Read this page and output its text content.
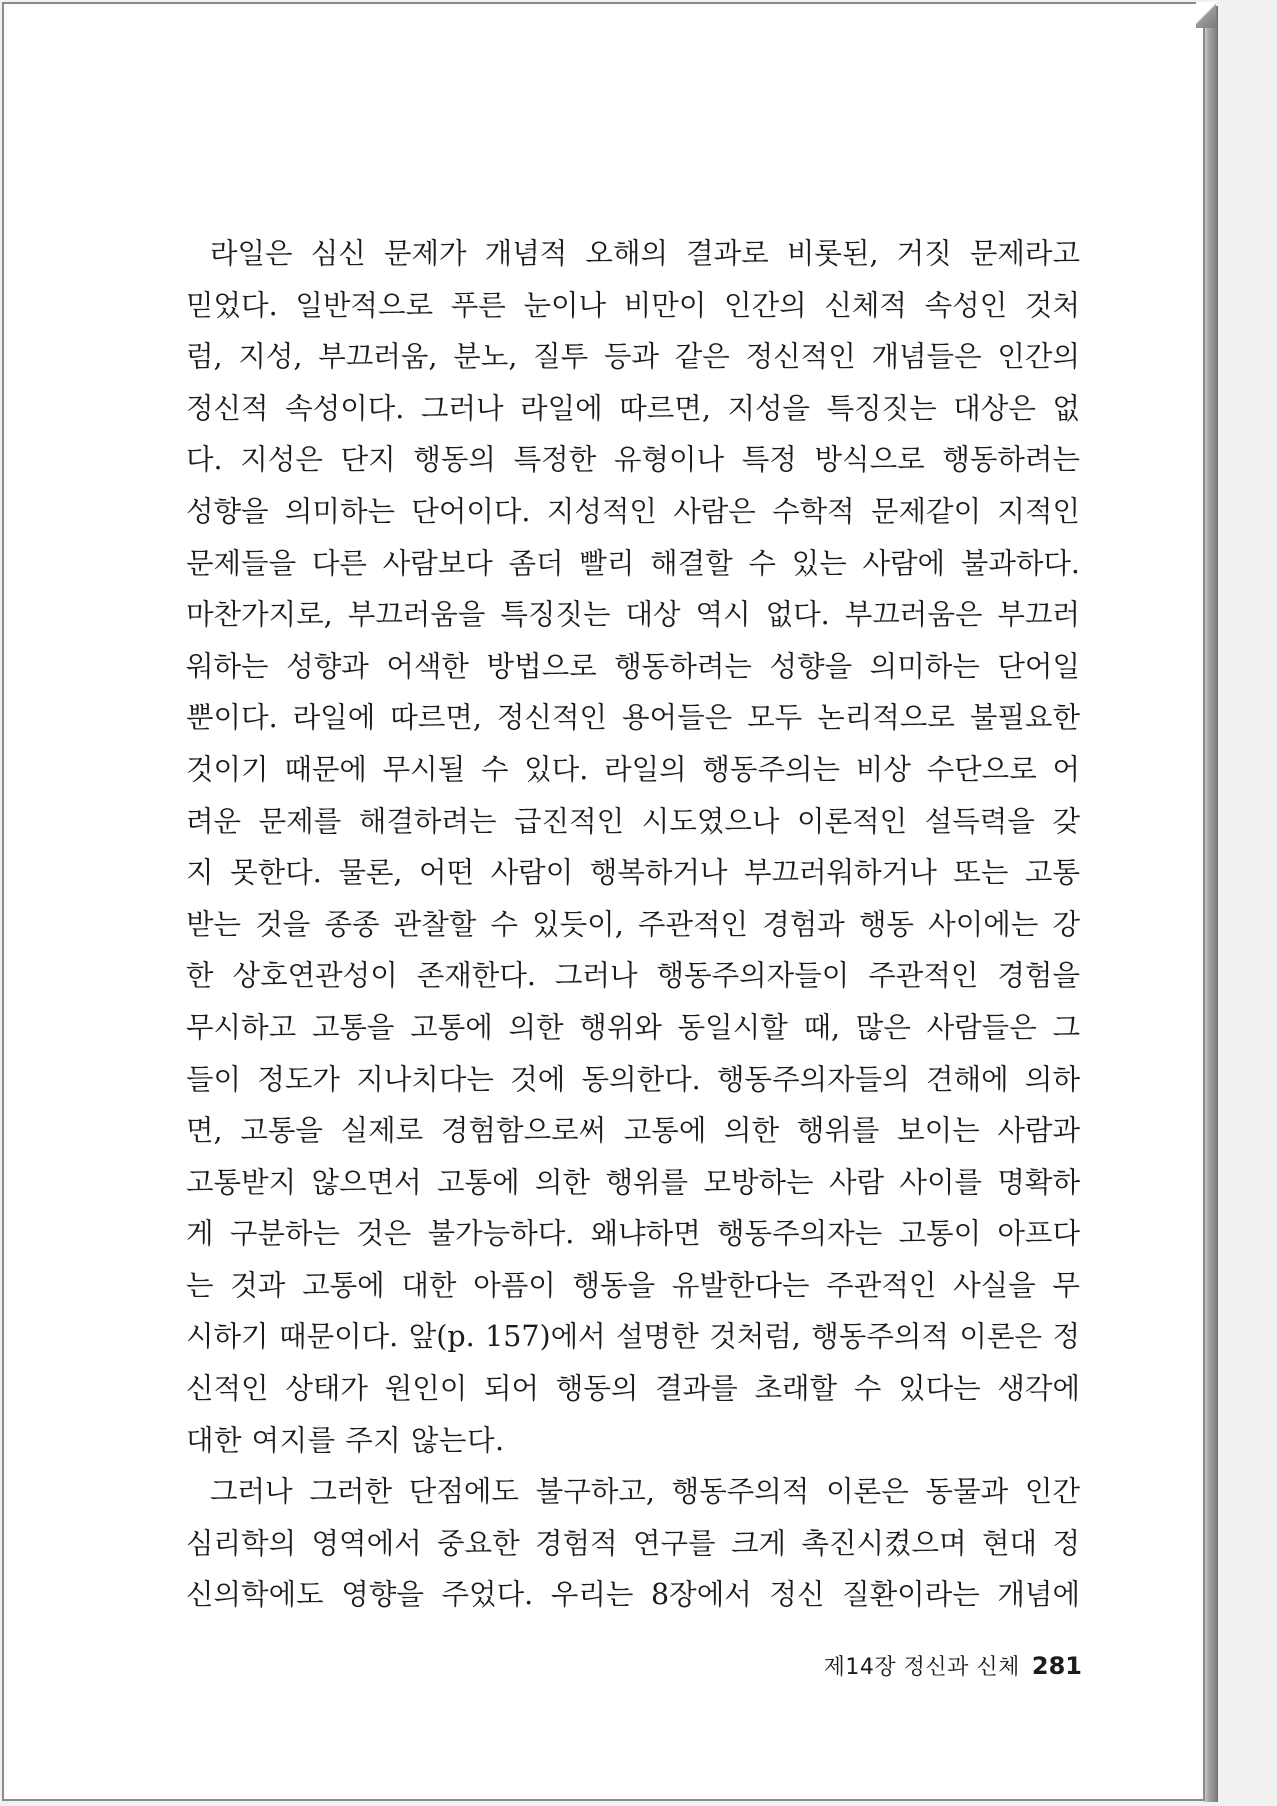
라일은 심신 문제가 개념적 오해의 결과로 비롯된, 거짓 문제라고
믿었다. 일반적으로 푸른 눈이나 비만이 인간의 신체적 속성인 것처
럼, 지성, 부끄러움, 분노, 질투 등과 같은 정신적인 개념들은 인간의
정신적 속성이다. 그러나 라일에 따르면, 지성을 특징짓는 대상은 없
다. 지성은 단지 행동의 특정한 유형이나 특정 방식으로 행동하려는
성향을 의미하는 단어이다. 지성적인 사람은 수학적 문제같이 지적인
문제들을 다른 사람보다 좀더 빨리 해결할 수 있는 사람에 불과하다.
마찬가지로, 부끄러움을 특징짓는 대상 역시 없다. 부끄러움은 부끄러
워하는 성향과 어색한 방법으로 행동하려는 성향을 의미하는 단어일
뿐이다. 라일에 따르면, 정신적인 용어들은 모두 논리적으로 불필요한
것이기 때문에 무시될 수 있다. 라일의 행동주의는 비상 수단으로 어
려운 문제를 해결하려는 급진적인 시도였으나 이론적인 설득력을 갖
지 못한다. 물론, 어떤 사람이 행복하거나 부끄러워하거나 또는 고통
받는 것을 종종 관찰할 수 있듯이, 주관적인 경험과 행동 사이에는 강
한 상호연관성이 존재한다. 그러나 행동주의자들이 주관적인 경험을
무시하고 고통을 고통에 의한 행위와 동일시할 때, 많은 사람들은 그
들이 정도가 지나치다는 것에 동의한다. 행동주의자들의 견해에 의하
면, 고통을 실제로 경험함으로써 고통에 의한 행위를 보이는 사람과
고통받지 않으면서 고통에 의한 행위를 모방하는 사람 사이를 명확하
게 구분하는 것은 불가능하다. 왜냐하면 행동주의자는 고통이 아프다
는 것과 고통에 대한 아픔이 행동을 유발한다는 주관적인 사실을 무
시하기 때문이다. 앞(p. 157)에서 설명한 것처럼, 행동주의적 이론은 정
신적인 상태가 원인이 되어 행동의 결과를 초래할 수 있다는 생각에
대한 여지를 주지 않는다.
그러나 그러한 단점에도 불구하고, 행동주의적 이론은 동물과 인간
심리학의 영역에서 중요한 경험적 연구를 크게 촉진시켰으며 현대 정
신의학에도 영향을 주었다. 우리는 8장에서 정신 질환이라는 개념에
제14장 정신과 신체 281
